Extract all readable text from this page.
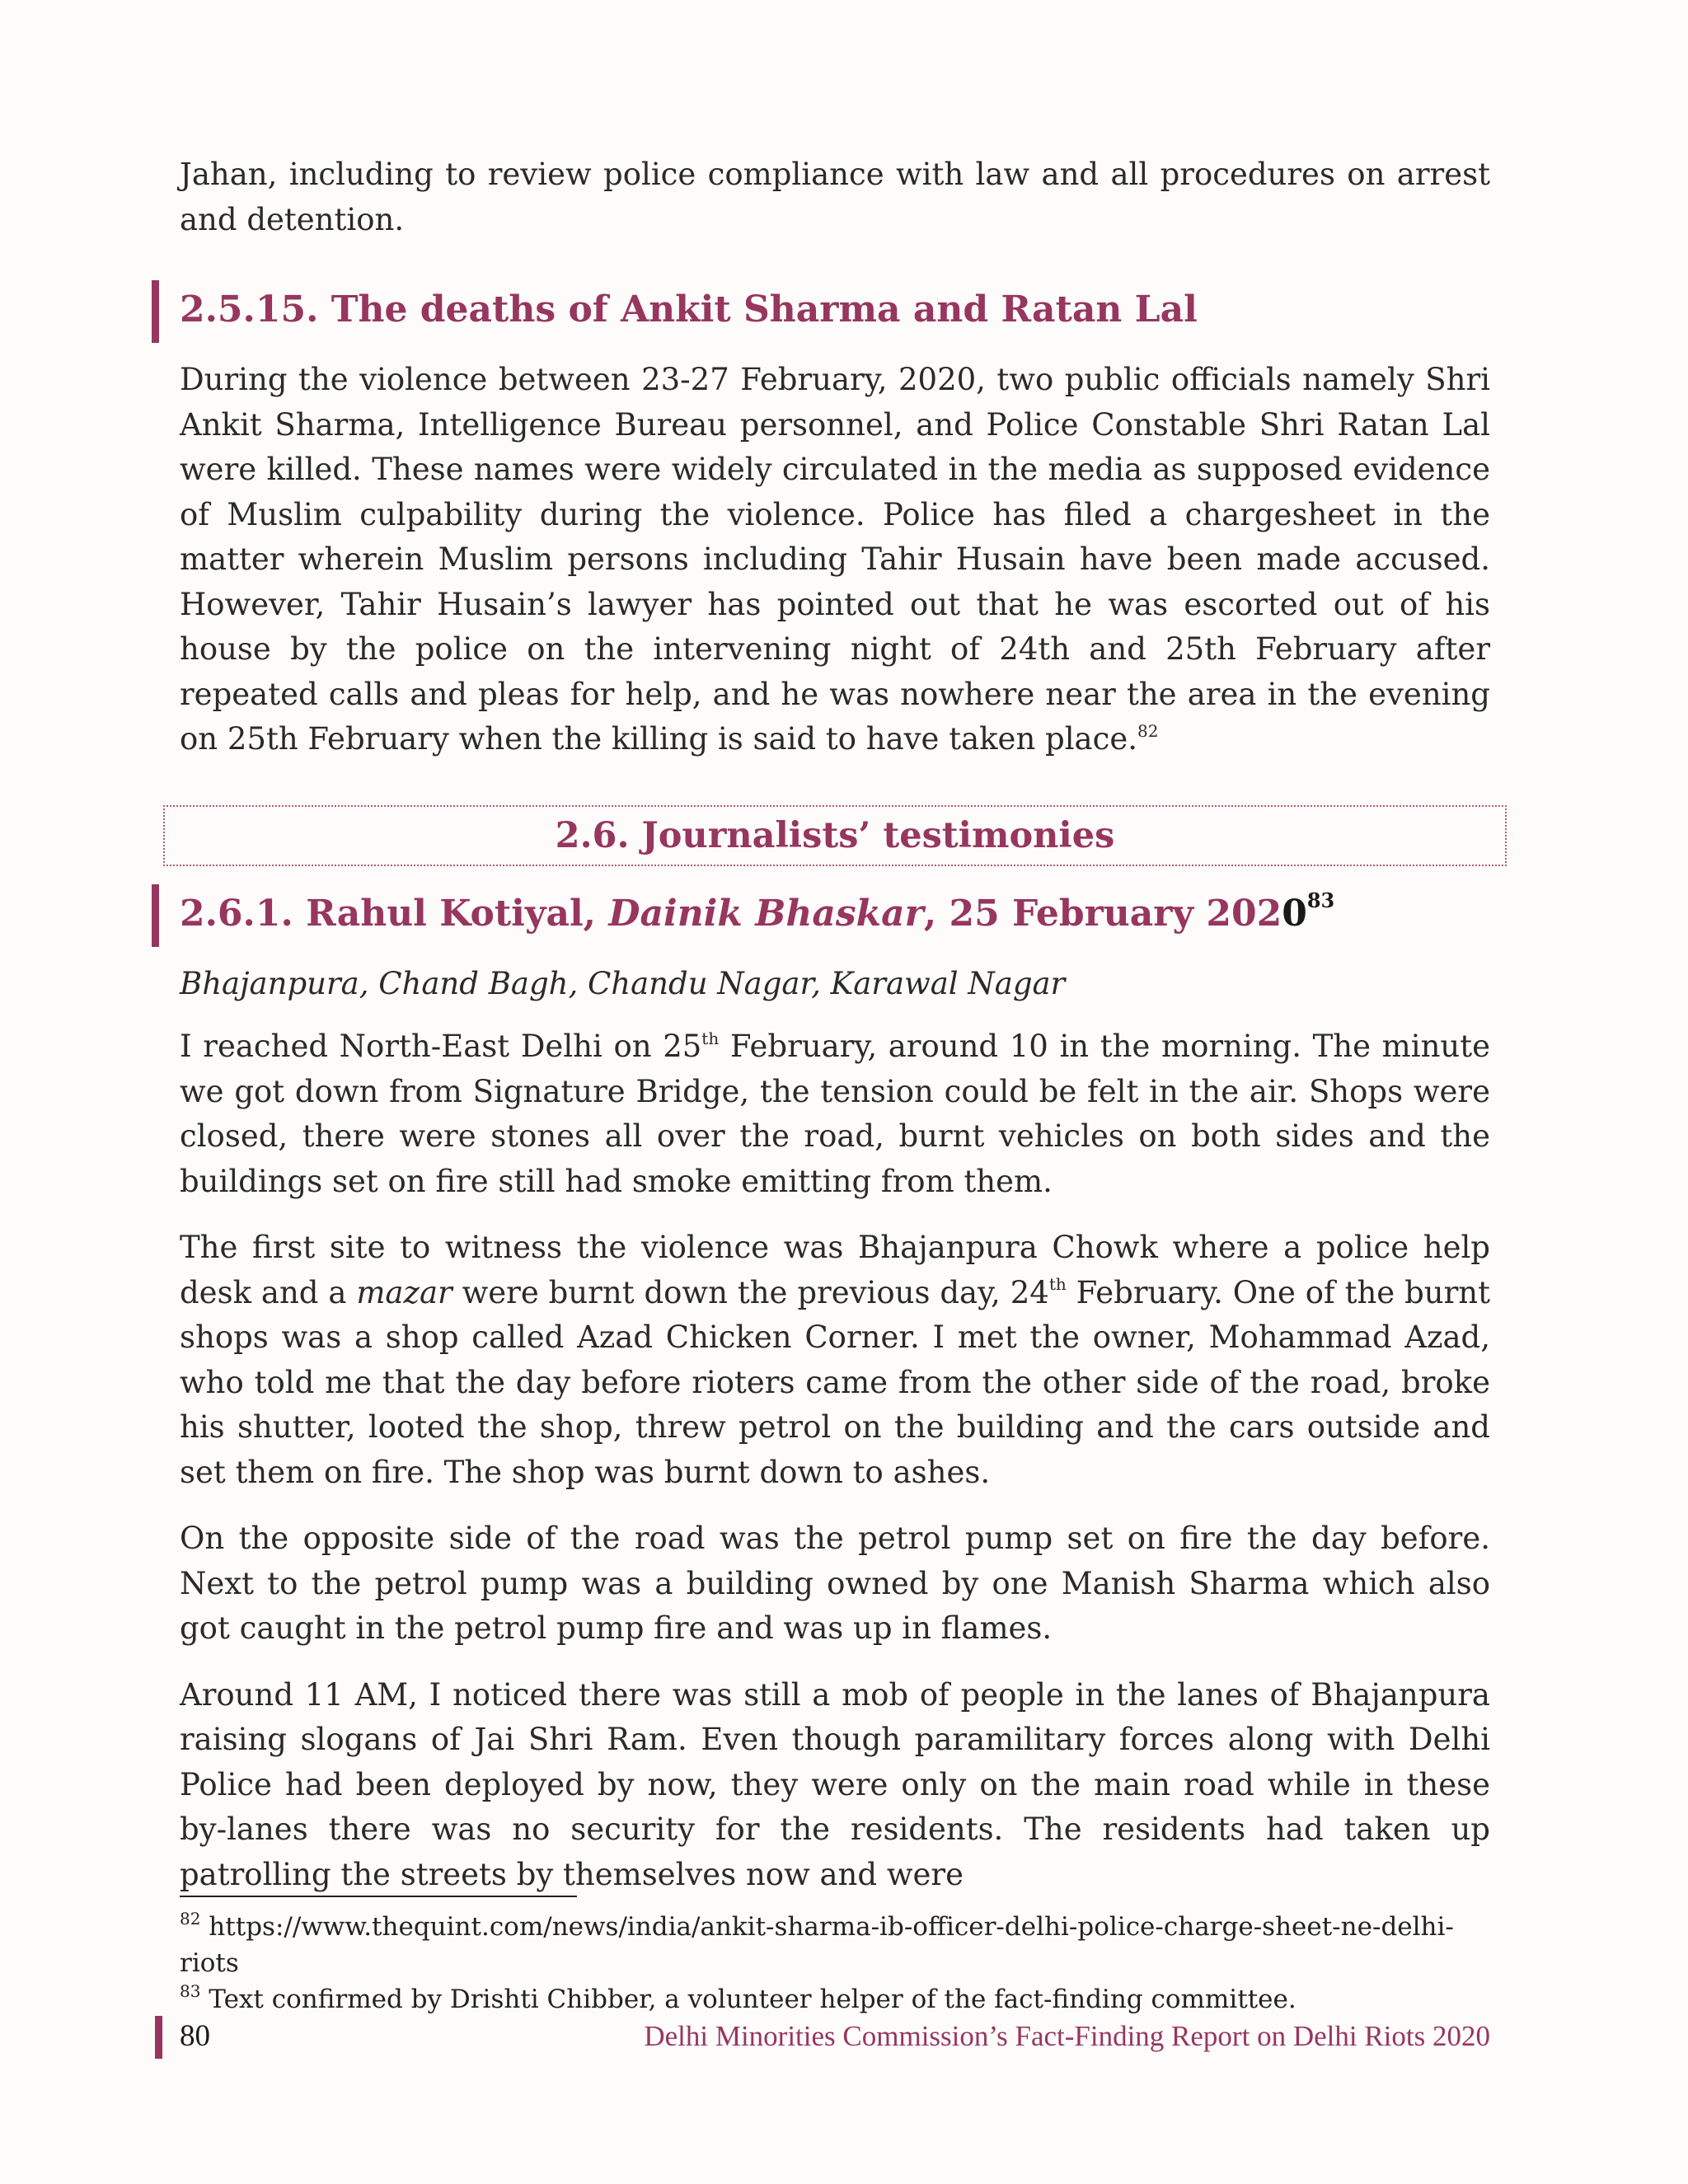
Jahan, including to review police compliance with law and all procedures on arrest and detention.

2.5.15. The deaths of Ankit Sharma and Ratan Lal

During the violence between 23-27 February, 2020, two public officials namely Shri Ankit Sharma, Intelligence Bureau personnel, and Police Constable Shri Ratan Lal were killed. These names were widely circulated in the media as supposed evidence of Muslim culpability during the violence. Police has filed a chargesheet in the matter wherein Muslim persons including Tahir Husain have been made accused. However, Tahir Husain’s lawyer has pointed out that he was escorted out of his house by the police on the intervening night of 24th and 25th February after repeated calls and pleas for help, and he was nowhere near the area in the evening on 25th February when the killing is said to have taken place.$^{82}$

2.6. Journalists’ testimonies
2.6.1. Rahul Kotiyal, Dainik Bhaskar, 25 February 2020$^{83}$

Bhajanpura, Chand Bagh, Chandu Nagar, Karawal Nagar

I reached North-East Delhi on 25th February, around 10 in the morning. The minute we got down from Signature Bridge, the tension could be felt in the air. Shops were closed, there were stones all over the road, burnt vehicles on both sides and the buildings set on fire still had smoke emitting from them.

The first site to witness the violence was Bhajanpura Chowk where a police help desk and a mazar were burnt down the previous day, 24th February. One of the burnt shops was a shop called Azad Chicken Corner. I met the owner, Mohammad Azad, who told me that the day before rioters came from the other side of the road, broke his shutter, looted the shop, threw petrol on the building and the cars outside and set them on fire. The shop was burnt down to ashes.

On the opposite side of the road was the petrol pump set on fire the day before. Next to the petrol pump was a building owned by one Manish Sharma which also got caught in the petrol pump fire and was up in flames.

Around 11 AM, I noticed there was still a mob of people in the lanes of Bhajanpura raising slogans of Jai Shri Ram. Even though paramilitary forces along with Delhi Police had been deployed by now, they were only on the main road while in these by-lanes there was no security for the residents. The residents had taken up patrolling the streets by themselves now and were

$^{82}$ https://www.thequint.com/news/india/ankit-sharma-ib-officer-delhi-police-charge-sheet-ne-delhi-riots
$^{83}$ Text confirmed by Drishti Chibber, a volunteer helper of the fact-finding committee.
80	Delhi Minorities Commission’s Fact-Finding Report on Delhi Riots 2020
